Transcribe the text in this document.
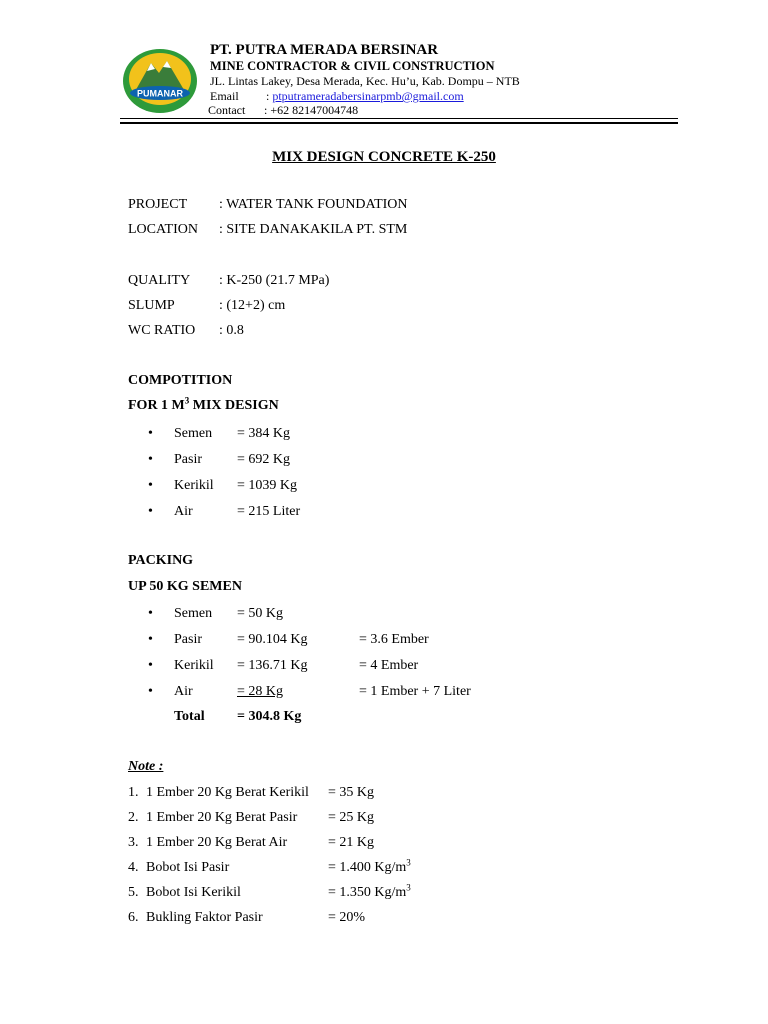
PUMANAR
PT. PUTRA MERADA BERSINAR
MINE CONTRACTOR & CIVIL CONSTRUCTION
JL. Lintas Lakey, Desa Merada, Kec. Hu’u, Kab. Dompu – NTB
Email : ptputrameradabersinarpmb@gmail.com
Contact : +62 82147004748
MIX DESIGN CONCRETE K-250
PROJECT : WATER TANK FOUNDATION
LOCATION : SITE DANAKAKILA PT. STM
QUALITY : K-250 (21.7 MPa)
SLUMP	: (12+2) cm
WC RATIO : 0.8
COMPOTITION
FOR 1 $M^3$ MIX DESIGN
• Semen = 384 Kg
• Pasir	= 692 Kg
• Kerikil = 1039 Kg
• Air	= 215 Liter
PACKING
UP 50 KG SEMEN
• Semen = 50 Kg
• Pasir	= 90.104 Kg	= 3.6 Ember
• Kerikil = 136.71 Kg	= 4 Ember
• Air	= 28 Kg	= 1 Ember + 7 Liter
Total = 304.8 Kg
Note :
1. 1 Ember 20 Kg Berat Kerikil = 35 Kg
2. 1 Ember 20 Kg Berat Pasir = 25 Kg
3. 1 Ember 20 Kg Berat Air	= 21 Kg
4. Bobot Isi Pasir	= 1.400 $Kg/m^3$
5. Bobot Isi Kerikil	= 1.350 $Kg/m^3$
6. Bukling Faktor Pasir	= 20%
